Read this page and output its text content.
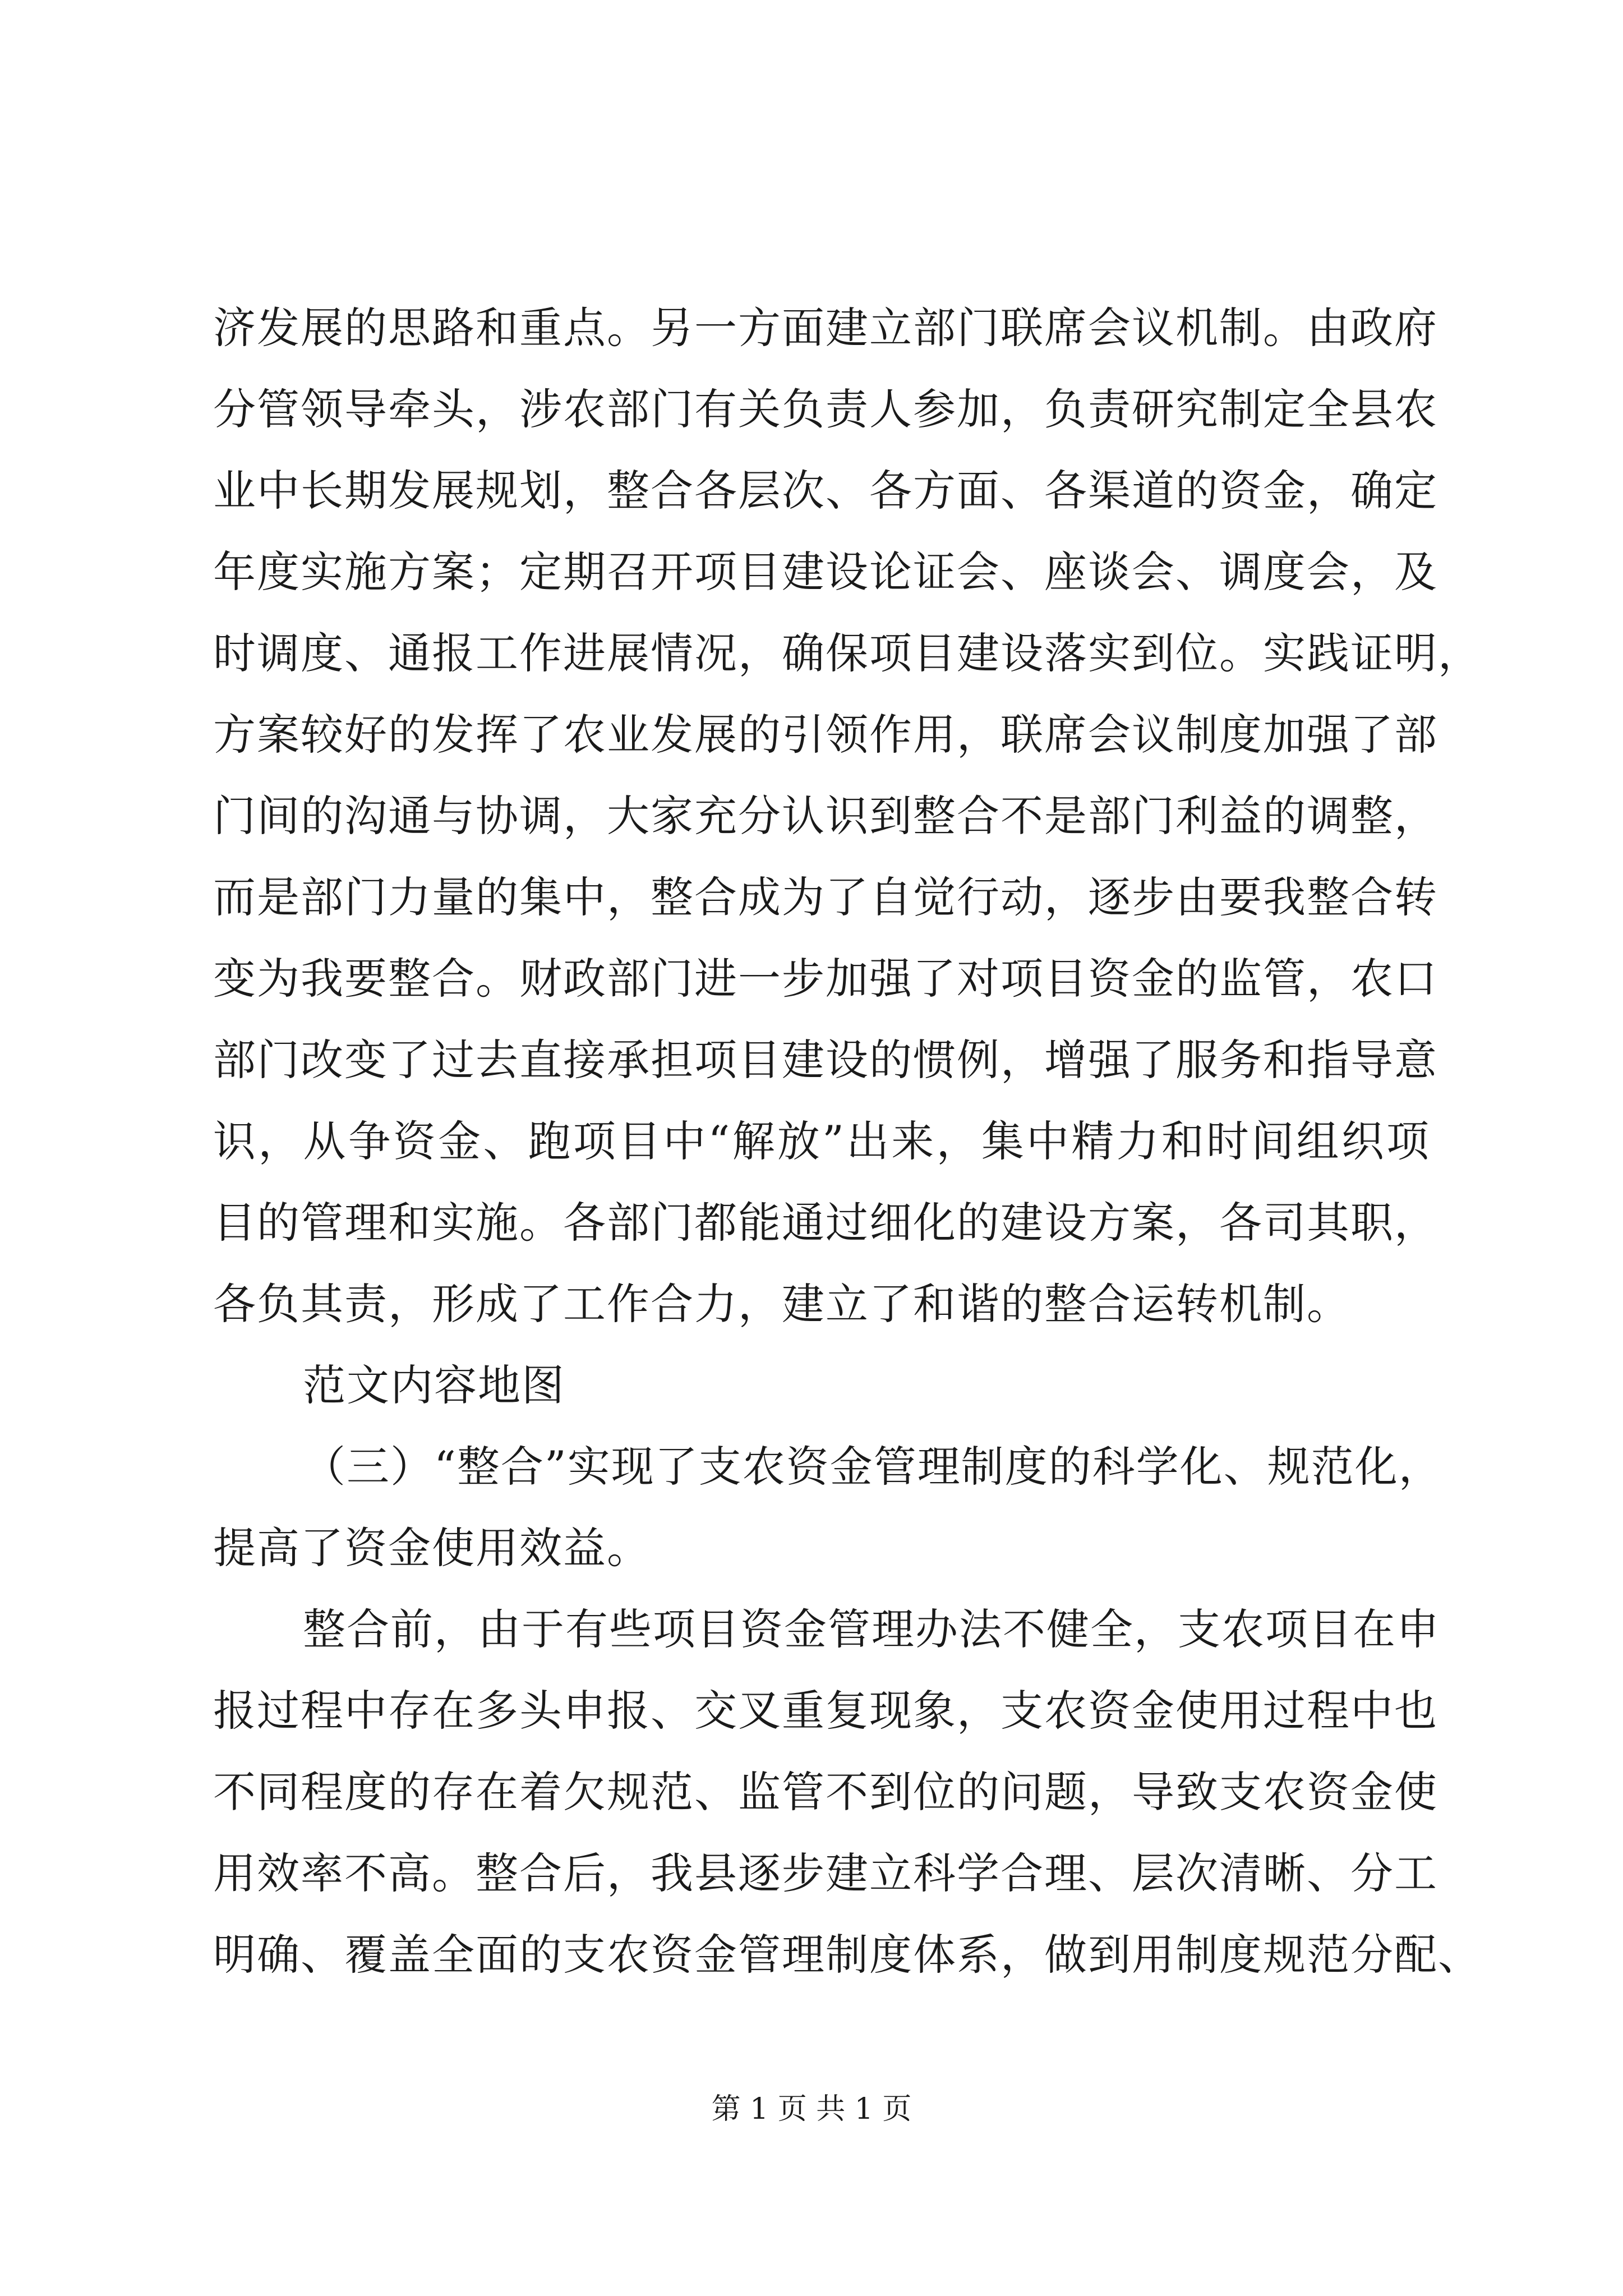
济发展的思路和重点。另一方面建立部门联席会议机制。由政府
分管领导牵头，涉农部门有关负责人参加，负责研究制定全县农
业中长期发展规划，整合各层次、各方面、各渠道的资金，确定
年度实施方案；定期召开项目建设论证会、座谈会、调度会，及
时调度、通报工作进展情况，确保项目建设落实到位。实践证明，
方案较好的发挥了农业发展的引领作用，联席会议制度加强了部
门间的沟通与协调，大家充分认识到整合不是部门利益的调整，
而是部门力量的集中，整合成为了自觉行动，逐步由要我整合转
变为我要整合。财政部门进一步加强了对项目资金的监管，农口
部门改变了过去直接承担项目建设的惯例，增强了服务和指导意
识，从争资金、跑项目中“解放”出来，集中精力和时间组织项
目的管理和实施。各部门都能通过细化的建设方案，各司其职，
各负其责，形成了工作合力，建立了和谐的整合运转机制。
范文内容地图
（三）“整合”实现了支农资金管理制度的科学化、规范化，
提高了资金使用效益。
整合前，由于有些项目资金管理办法不健全，支农项目在申
报过程中存在多头申报、交叉重复现象，支农资金使用过程中也
不同程度的存在着欠规范、监管不到位的问题，导致支农资金使
用效率不高。整合后，我县逐步建立科学合理、层次清晰、分工
明确、覆盖全面的支农资金管理制度体系，做到用制度规范分配、
第 1 页 共 1 页
